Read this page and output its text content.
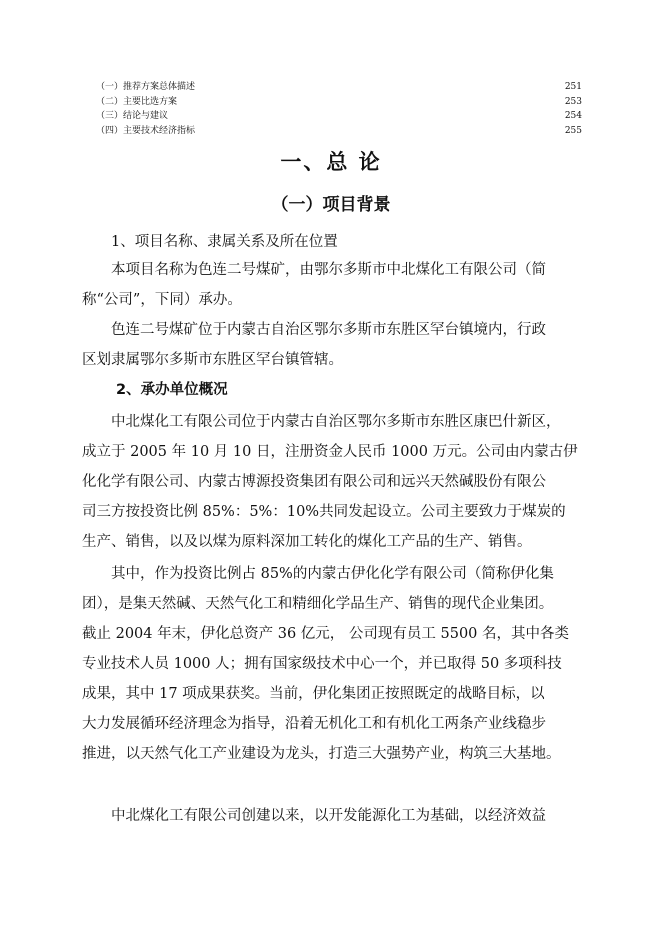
（一）推荐方案总体描述	251
（二）主要比选方案	253
（三）结论与建议	254
（四）主要技术经济指标	255
一、总 论
（一）项目背景
1、项目名称、隶属关系及所在位置
本项目名称为色连二号煤矿，由鄂尔多斯市中北煤化工有限公司（简
称“公司”，下同）承办。
色连二号煤矿位于内蒙古自治区鄂尔多斯市东胜区罕台镇境内，行政
区划隶属鄂尔多斯市东胜区罕台镇管辖。
2、承办单位概况
中北煤化工有限公司位于内蒙古自治区鄂尔多斯市东胜区康巴什新区，
成立于 2005 年 10 月 10 日，注册资金人民币 1000 万元。公司由内蒙古伊
化化学有限公司、内蒙古博源投资集团有限公司和远兴天然碱股份有限公
司三方按投资比例 85%：5%：10%共同发起设立。公司主要致力于煤炭的
生产、销售，以及以煤为原料深加工转化的煤化工产品的生产、销售。
其中，作为投资比例占 85%的内蒙古伊化化学有限公司（简称伊化集
团），是集天然碱、天然气化工和精细化学品生产、销售的现代企业集团。
截止 2004 年末，伊化总资产 36 亿元， 公司现有员工 5500 名，其中各类
专业技术人员 1000 人；拥有国家级技术中心一个，并已取得 50 多项科技
成果，其中 17 项成果获奖。当前，伊化集团正按照既定的战略目标，以
大力发展循环经济理念为指导，沿着无机化工和有机化工两条产业线稳步
推进，以天然气化工产业建设为龙头，打造三大强势产业，构筑三大基地。
中北煤化工有限公司创建以来，以开发能源化工为基础，以经济效益
